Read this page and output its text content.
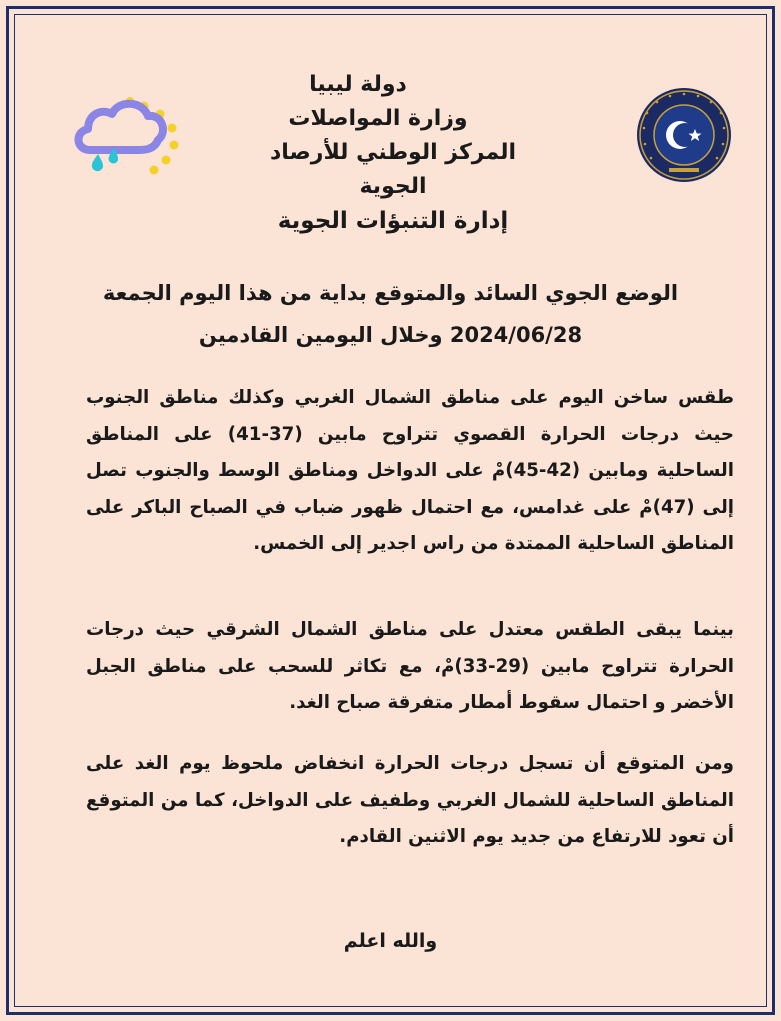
دولة ليبيا
وزارة المواصلات
المركز الوطني للأرصاد الجوية
إدارة التنبؤات الجوية
الوضع الجوي السائد والمتوقع بداية من هذا اليوم الجمعة
2024/06/28 وخلال اليومين القادمين

طقس ساخن اليوم على مناطق الشمال الغربي وكذلك مناطق الجنوب حيث درجات الحرارة القصوي تتراوح مابين (37-41) على المناطق الساحلية ومابين (42-45)مْ على الدواخل ومناطق الوسط والجنوب تصل إلى (47)مْ على غدامس، مع احتمال ظهور ضباب في الصباح الباكر على المناطق الساحلية الممتدة من راس اجدير إلى الخمس.

بينما يبقى الطقس معتدل على مناطق الشمال الشرقي حيث درجات الحرارة تتراوح مابين (29-33)مْ، مع تكاثر للسحب على مناطق الجبل الأخضر و احتمال سقوط أمطار متفرقة صباح الغد.

ومن المتوقع أن تسجل درجات الحرارة انخفاض ملحوظ يوم الغد على المناطق الساحلية للشمال الغربي وطفيف على الدواخل، كما من المتوقع أن تعود للارتفاع من جديد يوم الاثنين القادم.

والله اعلم
